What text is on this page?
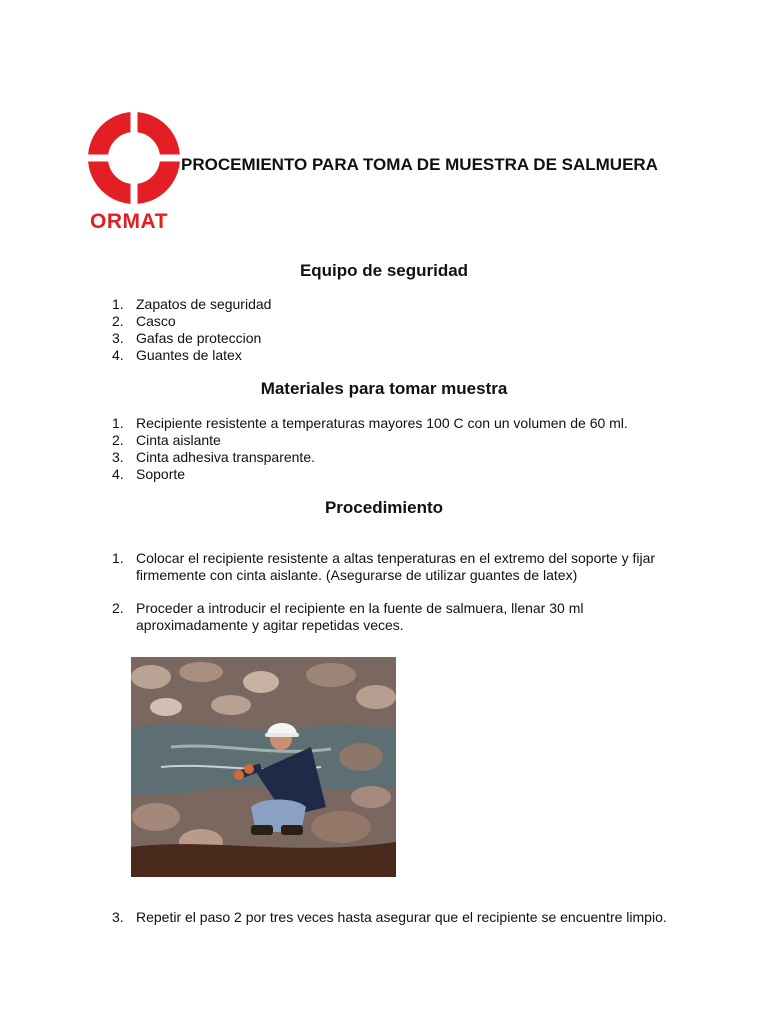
ORMAT
PROCEMIENTO PARA TOMA DE MUESTRA DE SALMUERA
Equipo de seguridad
1. Zapatos de seguridad
2. Casco
3. Gafas de proteccion
4. Guantes de latex
Materiales para tomar muestra
1. Recipiente resistente a temperaturas mayores 100 C con un volumen de 60 ml.
2. Cinta aislante
3. Cinta adhesiva transparente.
4. Soporte
Procedimiento
1. Colocar el recipiente resistente a altas tenperaturas en el extremo del soporte y fijar firmemente con cinta aislante. (Asegurarse de utilizar guantes de latex)
2. Proceder a introducir el recipiente en la fuente de salmuera, llenar 30 ml aproximadamente y agitar repetidas veces.
3. Repetir el paso 2 por tres veces hasta asegurar que el recipiente se encuentre limpio.
